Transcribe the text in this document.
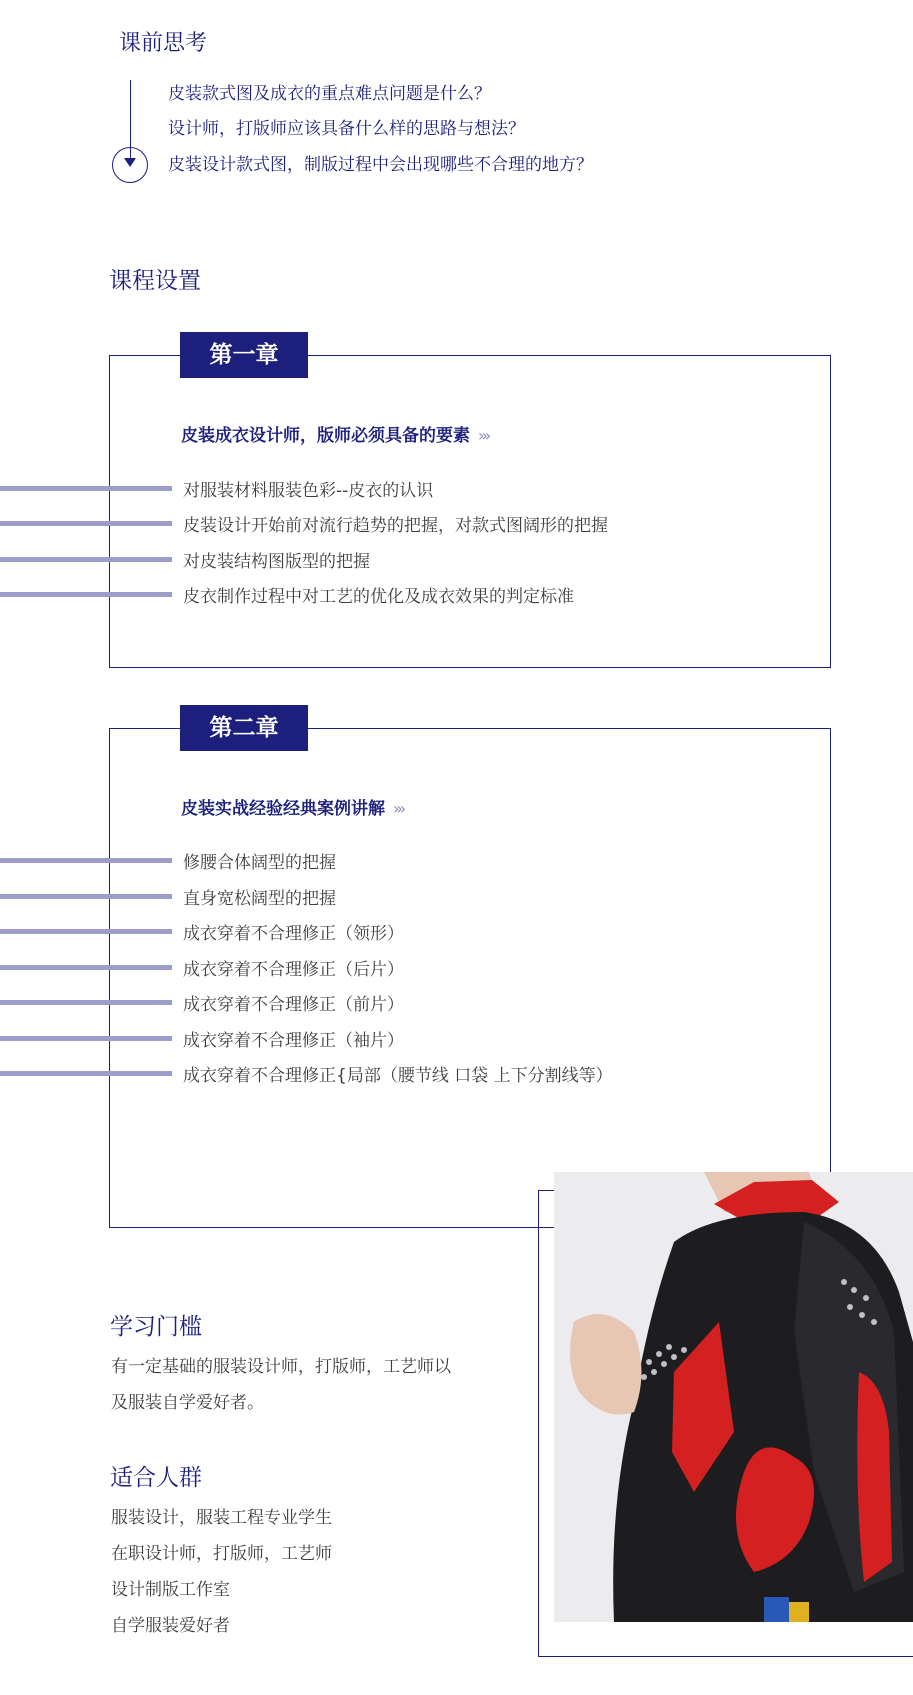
课前思考
皮装款式图及成衣的重点难点问题是什么？
设计师，打版师应该具备什么样的思路与想法？
皮装设计款式图，制版过程中会出现哪些不合理的地方？
课程设置
第一章
皮装成衣设计师，版师必须具备的要素 ›››
对服装材料服装色彩--皮衣的认识
皮装设计开始前对流行趋势的把握，对款式图阔形的把握
对皮装结构图版型的把握
皮衣制作过程中对工艺的优化及成衣效果的判定标准
第二章
皮装实战经验经典案例讲解 ›››
修腰合体阔型的把握
直身宽松阔型的把握
成衣穿着不合理修正（领形）
成衣穿着不合理修正（后片）
成衣穿着不合理修正（前片）
成衣穿着不合理修正（袖片）
成衣穿着不合理修正{局部（腰节线 口袋 上下分割线等）
学习门槛
有一定基础的服装设计师，打版师，工艺师以
及服装自学爱好者。
适合人群
服装设计，服装工程专业学生
在职设计师，打版师，工艺师
设计制版工作室
自学服装爱好者
